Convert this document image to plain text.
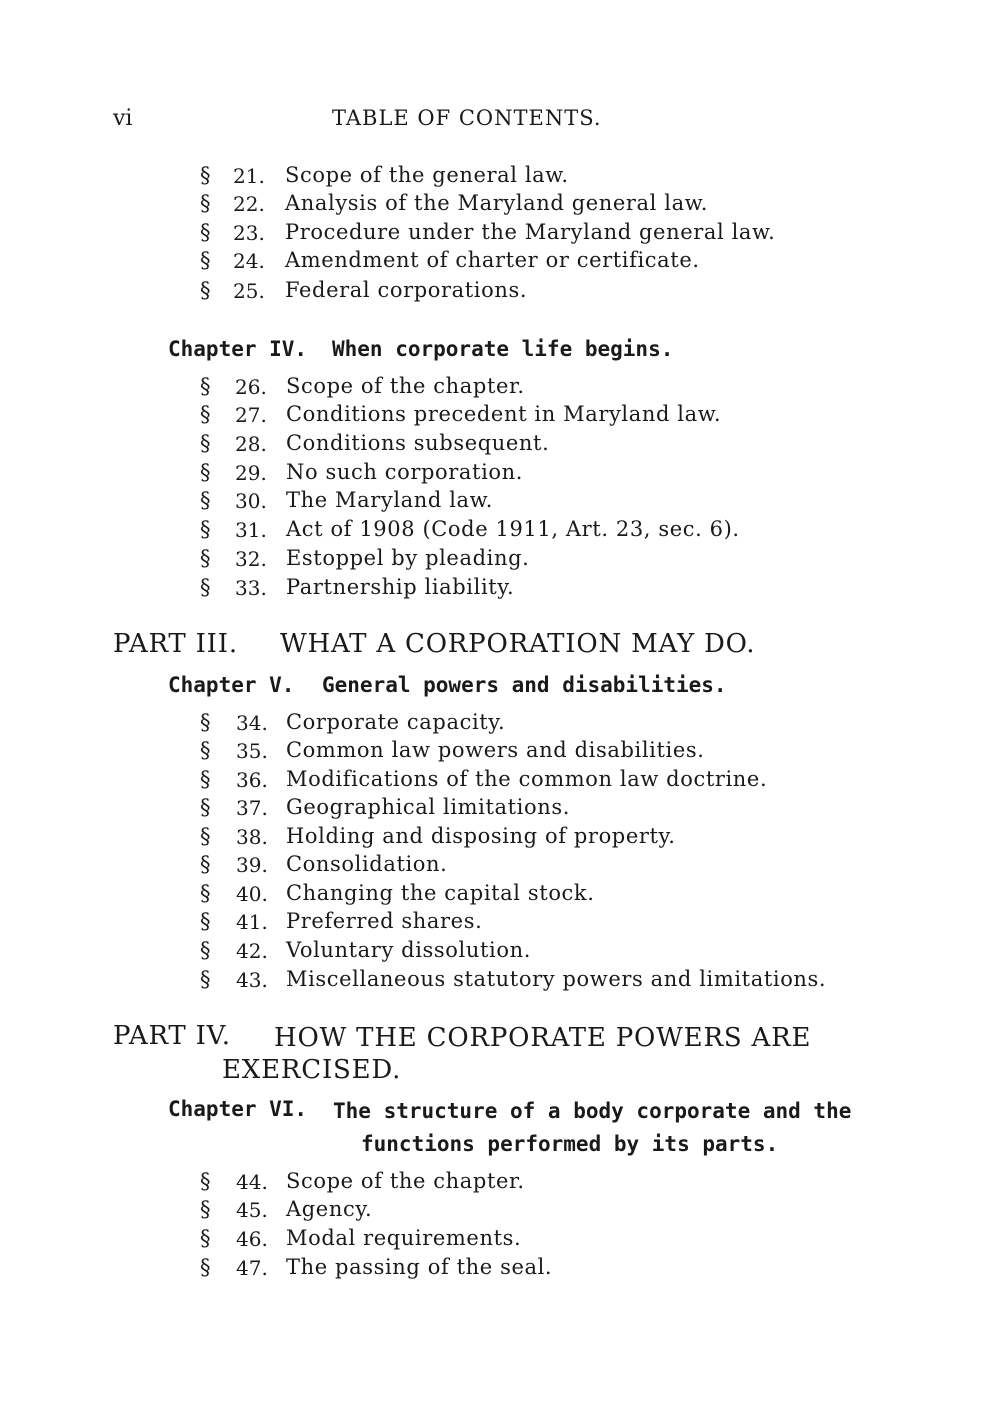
vi	TABLE OF CONTENTS.
§	21. Scope of the general law.
§	22. Analysis of the Maryland general law.
§	23. Procedure under the Maryland general law.
§	24. Amendment of charter or certificate.
§	25. Federal corporations.
Chapter IV. When corporate life begins.
§	26. Scope of the chapter.
§	27. Conditions precedent in Maryland law.
§	28. Conditions subsequent.
§	29. No such corporation.
§	30. The Maryland law.
§	31. Act of 1908 (Code 1911, Art. 23, sec. 6).
§	32. Estoppel by pleading.
§	33. Partnership liability.
PART III. WHAT A CORPORATION MAY DO.
Chapter V. General powers and disabilities.
§	34. Corporate capacity.
§	35. Common law powers and disabilities.
§	36. Modifications of the common law doctrine.
§	37. Geographical limitations.
§	38. Holding and disposing of property.
§	39. Consolidation.
§	40. Changing the capital stock.
§	41. Preferred shares.
§	42. Voluntary dissolution.
§	43. Miscellaneous statutory powers and limitations.
PART IV. HOW THE CORPORATE POWERS ARE
EXERCISED.
Chapter VI. The structure of a body corporate and the
functions performed by its parts.
§	44. Scope of the chapter.
§	45. Agency.
§	46. Modal requirements.
§	47. The passing of the seal.
